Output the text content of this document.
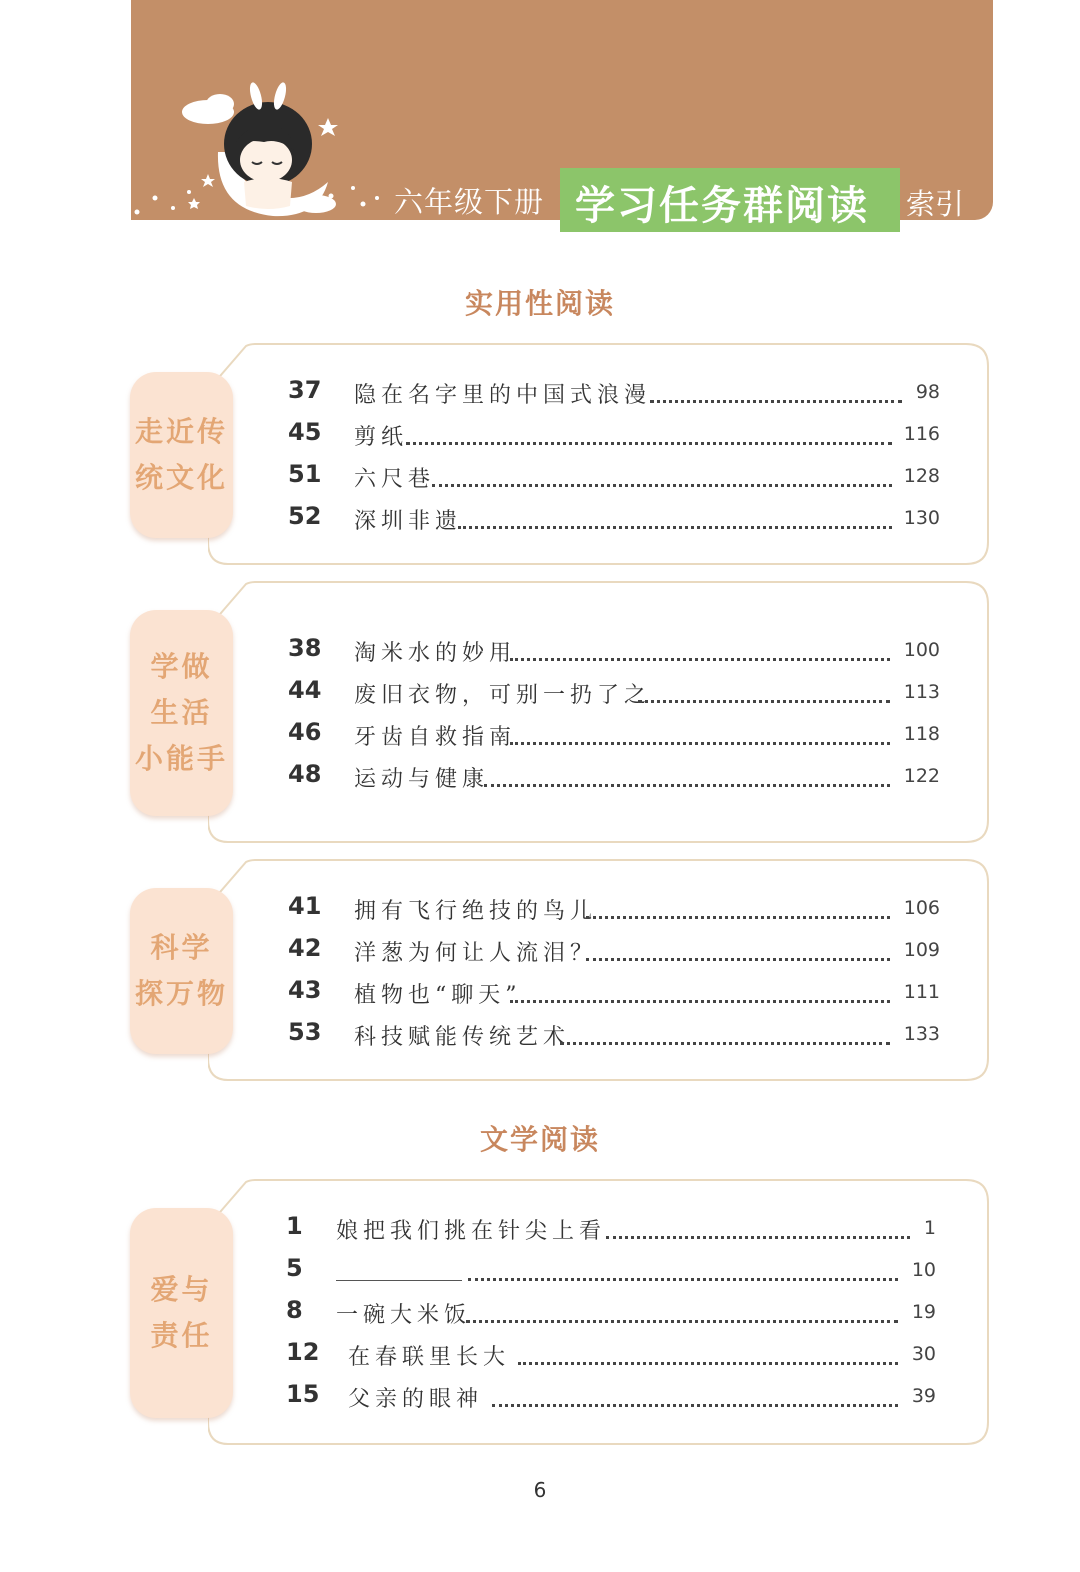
六年级下册 学习任务群阅读 索引
实用性阅读
走近传
统文化
37 隐在名字里的中国式浪漫	98
45 剪纸	116
51 六尺巷	128
52 深圳非遗	130
学做
生活
小能手
38 淘米水的妙用	100
44 废旧衣物，可别一扔了之	113
46 牙齿自救指南	118
48 运动与健康	122
科学
探万物
41 拥有飞行绝技的鸟儿	106
42 洋葱为何让人流泪？	109
43 植物也“聊天”	111
53 科技赋能传统艺术	133
文学阅读
爱与
责任
1 娘把我们挑在针尖上看	1
5	10
8 一碗大米饭	19
12 在春联里长大	30
15 父亲的眼神	39
6
